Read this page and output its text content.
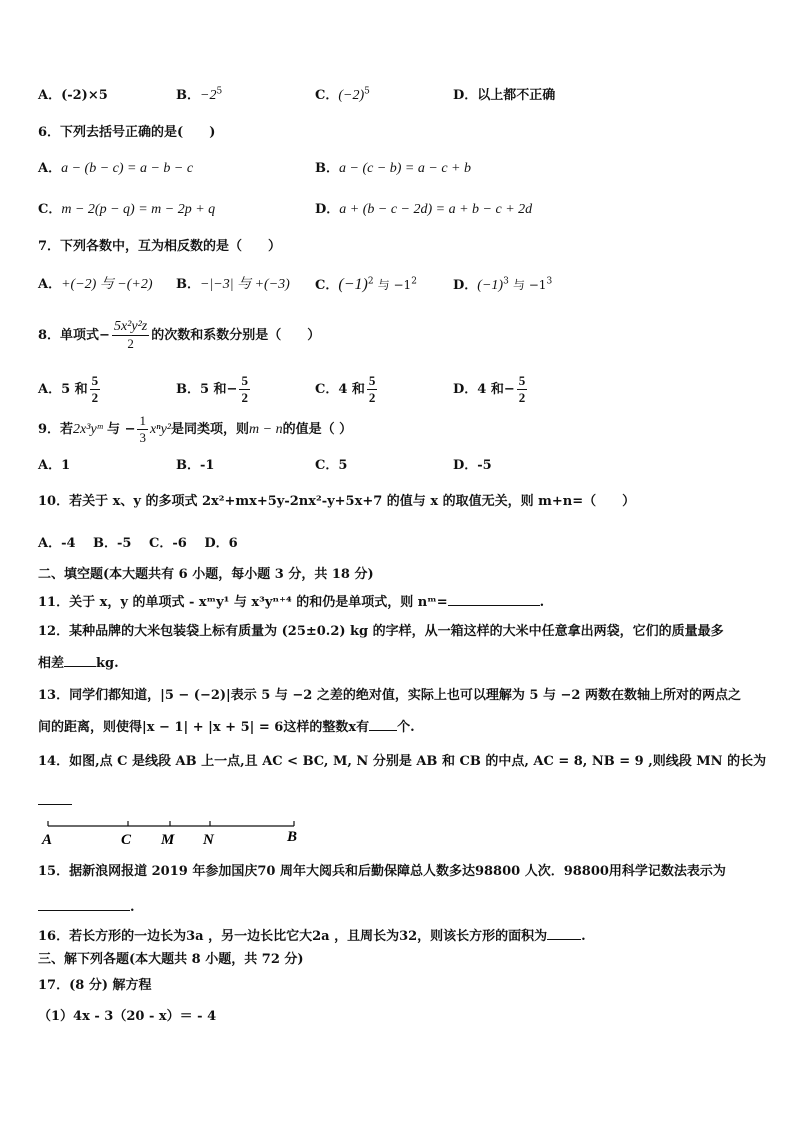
A．(-2)×5	B．$-2^5$	C．$(-2)^5$	D．以上都不正确
6．下列去括号正确的是(　　)
A．a − (b − c) = a − b − c	B．a − (c − b) = a − c + b
C．m − 2(p − q) = m − 2p + q	D．a + (b − c − 2d) = a + b − c + 2d
7．下列各数中，互为相反数的是（　　）
A．+(−2) 与 −(+2) B．−|−3| 与 +(−3) C．$(-1)^2$ 与 $-1^2$	D．$(-1)^3$ 与 $-1^3$
8．单项式− $\frac{\text{5x²y²z}}{2}$ 的次数和系数分别是（　　）
A．5 和 $\frac{5}{2}$	B．5 和− $\frac{5}{2}$	C．4 和 $\frac{5}{2}$	D．4 和− $\frac{5}{2}$
9．若2x³yᵐ 与 − $\frac{1}{3} x^ny^2$是同类项，则m − n的值是（ ）
A．1	B．-1	C．5	D．-5
10．若关于 x、y 的多项式 2x²+mx+5y-2nx²-y+5x+7 的值与 x 的取值无关，则 m+n=（　　）
A．-4　 B．-5　 C．-6　 D．6
二、填空题(本大题共有 6 小题，每小题 3 分，共 18 分)
11．关于 x，y 的单项式 - xᵐy¹ 与 x³yⁿ⁺⁴ 的和仍是单项式，则 nᵐ=	.
12．某种品牌的大米包装袋上标有质量为 (25±0.2) kg 的字样，从一箱这样的大米中任意拿出两袋，它们的质量最多
相差 kg.
13．同学们都知道，|5 − (−2)|表示 5 与 −2 之差的绝对值，实际上也可以理解为 5 与 −2 两数在数轴上所对的两点之
间的距离，则使得|x − 1| + |x + 5| = 6这样的整数x有 个.
14．如图,点 C 是线段 AB 上一点,且 AC < BC, M, N 分别是 AB 和 CB 的中点, AC = 8, NB = 9 ,则线段 MN 的长为
A	C M N	B
15．据新浪网报道 2019 年参加国庆70 周年大阅兵和后勤保障总人数多达98800 人次．98800用科学记数法表示为
.
16．若长方形的一边长为3a ，另一边长比它大2a ，且周长为32，则该长方形的面积为	.
三、解下列各题(本大题共 8 小题，共 72 分)
17．(8 分) 解方程
（1）4x - 3（20 - x）＝ - 4
